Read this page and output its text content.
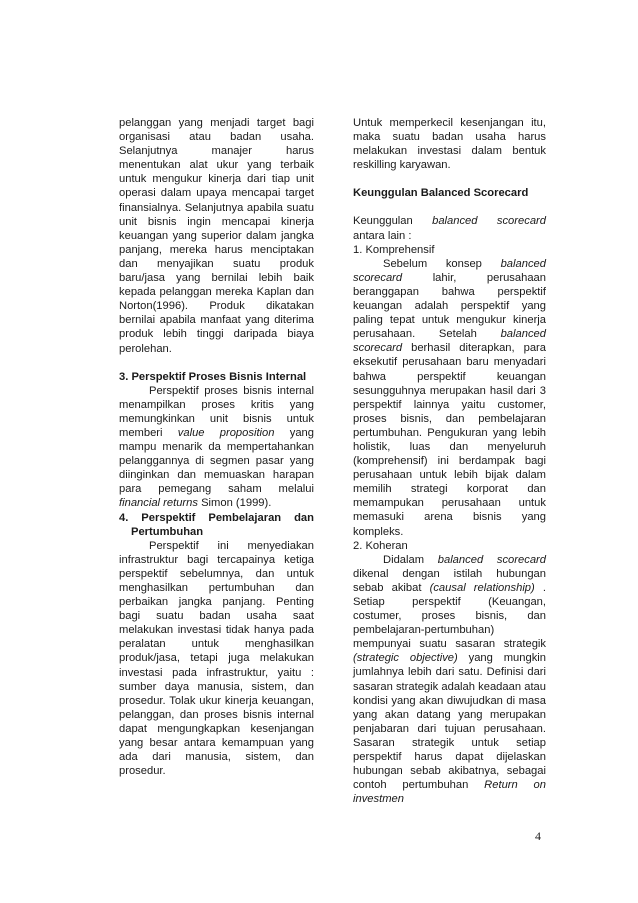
pelanggan yang menjadi target bagi organisasi atau badan usaha. Selanjutnya manajer harus menentukan alat ukur yang terbaik untuk mengukur kinerja dari tiap unit operasi dalam upaya mencapai target finansialnya. Selanjutnya apabila suatu unit bisnis ingin mencapai kinerja keuangan yang superior dalam jangka panjang, mereka harus menciptakan dan menyajikan suatu produk baru/jasa yang bernilai lebih baik kepada pelanggan mereka Kaplan dan Norton(1996). Produk dikatakan bernilai apabila manfaat yang diterima produk lebih tinggi daripada biaya perolehan.

3. Perspektif Proses Bisnis Internal

Perspektif proses bisnis internal menampilkan proses kritis yang memungkinkan unit bisnis untuk memberi value proposition yang mampu menarik da mempertahankan pelanggannya di segmen pasar yang diinginkan dan memuaskan harapan para pemegang saham melalui financial returns Simon (1999).

4. Perspektif Pembelajaran dan Pertumbuhan

Perspektif ini menyediakan infrastruktur bagi tercapainya ketiga perspektif sebelumnya, dan untuk menghasilkan pertumbuhan dan perbaikan jangka panjang. Penting bagi suatu badan usaha saat melakukan investasi tidak hanya pada peralatan untuk menghasilkan produk/jasa, tetapi juga melakukan investasi pada infrastruktur, yaitu : sumber daya manusia, sistem, dan prosedur. Tolak ukur kinerja keuangan, pelanggan, dan proses bisnis internal dapat mengungkapkan kesenjangan yang besar antara kemampuan yang ada dari manusia, sistem, dan prosedur.

Untuk memperkecil kesenjangan itu, maka suatu badan usaha harus melakukan investasi dalam bentuk reskilling karyawan.

Keunggulan Balanced Scorecard

Keunggulan balanced scorecard antara lain :

1. Komprehensif

Sebelum konsep balanced scorecard lahir, perusahaan beranggapan bahwa perspektif keuangan adalah perspektif yang paling tepat untuk mengukur kinerja perusahaan. Setelah balanced scorecard berhasil diterapkan, para eksekutif perusahaan baru menyadari bahwa perspektif keuangan sesungguhnya merupakan hasil dari 3 perspektif lainnya yaitu customer, proses bisnis, dan pembelajaran pertumbuhan. Pengukuran yang lebih holistik, luas dan menyeluruh (komprehensif) ini berdampak bagi perusahaan untuk lebih bijak dalam memilih strategi korporat dan memampukan perusahaan untuk memasuki arena bisnis yang kompleks.

2. Koheran

Didalam balanced scorecard dikenal dengan istilah hubungan sebab akibat (causal relationship) . Setiap perspektif (Keuangan, costumer, proses bisnis, dan pembelajaran-pertumbuhan) mempunyai suatu sasaran strategik (strategic objective) yang mungkin jumlahnya lebih dari satu. Definisi dari sasaran strategik adalah keadaan atau kondisi yang akan diwujudkan di masa yang akan datang yang merupakan penjabaran dari tujuan perusahaan. Sasaran strategik untuk setiap perspektif harus dapat dijelaskan hubungan sebab akibatnya, sebagai contoh pertumbuhan Return on investmen

4
